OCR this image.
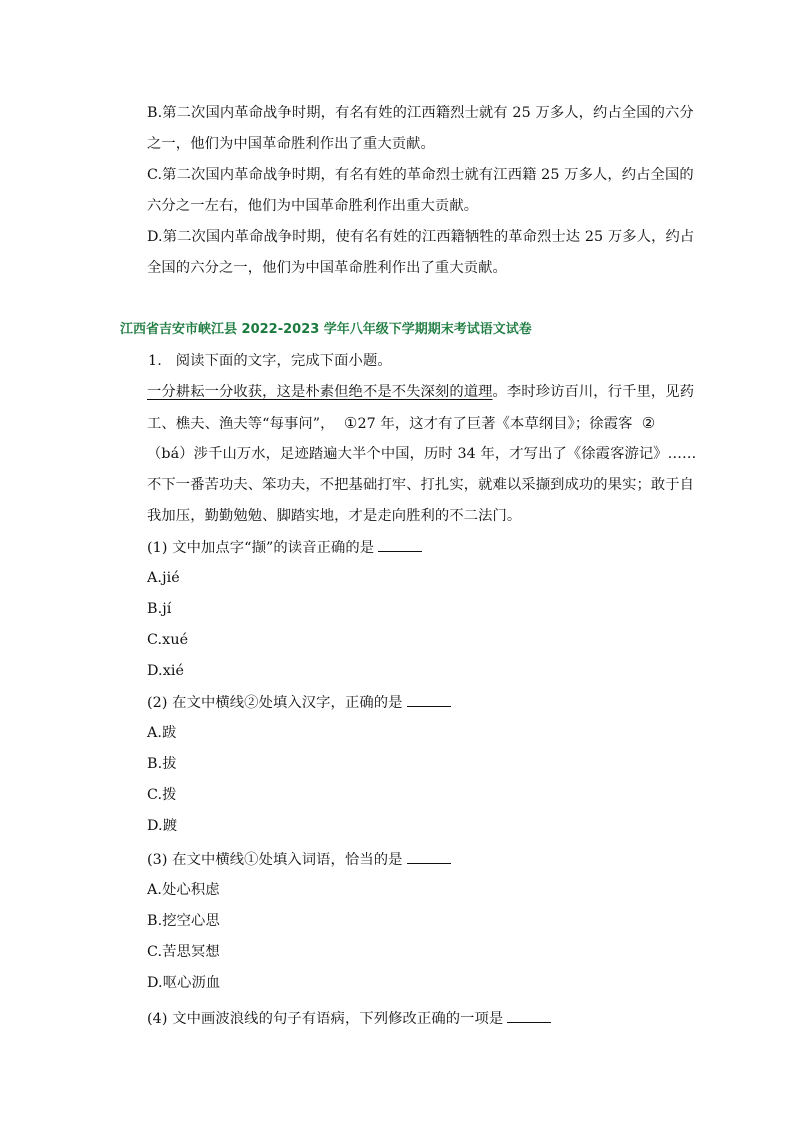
B.第二次国内革命战争时期，有名有姓的江西籍烈士就有 25 万多人，约占全国的六分
之一，他们为中国革命胜利作出了重大贡献。
C.第二次国内革命战争时期，有名有姓的革命烈士就有江西籍 25 万多人，约占全国的
六分之一左右，他们为中国革命胜利作出重大贡献。
D.第二次国内革命战争时期，使有名有姓的江西籍牺牲的革命烈士达 25 万多人，约占
全国的六分之一，他们为中国革命胜利作出了重大贡献。
江西省吉安市峡江县 2022-2023 学年八年级下学期期末考试语文试卷
1. 阅读下面的文字，完成下面小题。
一分耕耘一分收获，这是朴素但绝不是不失深刻的道理。李时珍访百川，行千里，见药
工、樵夫、渔夫等“每事问”， ①27 年，这才有了巨著《本草纲目》；徐霞客 ②
（bá）涉千山万水，足迹踏遍大半个中国，历时 34 年，才写出了《徐霞客游记》……
不下一番苦功夫、笨功夫，不把基础打牢、打扎实，就难以采撷到成功的果实；敢于自
我加压，勤勤勉勉、脚踏实地，才是走向胜利的不二法门。
(1) 文中加点字“撷”的读音正确的是
A.jié
B.jí
C.xué
D.xié
(2) 在文中横线②处填入汉字，正确的是
A.跋
B.拔
C.拨
D.踱
(3) 在文中横线①处填入词语，恰当的是
A.处心积虑
B.挖空心思
C.苦思冥想
D.呕心沥血
(4) 文中画波浪线的句子有语病，下列修改正确的一项是
